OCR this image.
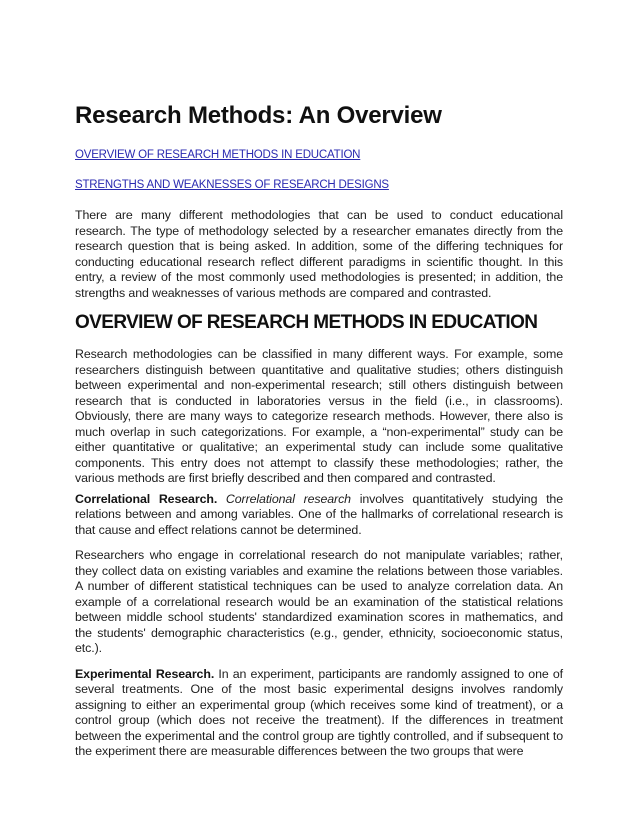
Research Methods: An Overview

OVERVIEW OF RESEARCH METHODS IN EDUCATION

STRENGTHS AND WEAKNESSES OF RESEARCH DESIGNS

There are many different methodologies that can be used to conduct educational research. The type of methodology selected by a researcher emanates directly from the research question that is being asked. In addition, some of the differing techniques for conducting educational research reflect different paradigms in scientific thought. In this entry, a review of the most commonly used methodologies is presented; in addition, the strengths and weaknesses of various methods are compared and contrasted.

OVERVIEW OF RESEARCH METHODS IN EDUCATION

Research methodologies can be classified in many different ways. For example, some researchers distinguish between quantitative and qualitative studies; others distinguish between experimental and non-experimental research; still others distinguish between research that is conducted in laboratories versus in the field (i.e., in classrooms). Obviously, there are many ways to categorize research methods. However, there also is much overlap in such categorizations. For example, a “non-experimental” study can be either quantitative or qualitative; an experimental study can include some qualitative components. This entry does not attempt to classify these methodologies; rather, the various methods are first briefly described and then compared and contrasted.

Correlational Research. Correlational research involves quantitatively studying the relations between and among variables. One of the hallmarks of correlational research is that cause and effect relations cannot be determined.

Researchers who engage in correlational research do not manipulate variables; rather, they collect data on existing variables and examine the relations between those variables. A number of different statistical techniques can be used to analyze correlation data. An example of a correlational research would be an examination of the statistical relations between middle school students' standardized examination scores in mathematics, and the students' demographic characteristics (e.g., gender, ethnicity, socioeconomic status, etc.).

Experimental Research. In an experiment, participants are randomly assigned to one of several treatments. One of the most basic experimental designs involves randomly assigning to either an experimental group (which receives some kind of treatment), or a control group (which does not receive the treatment). If the differences in treatment between the experimental and the control group are tightly controlled, and if subsequent to the experiment there are measurable differences between the two groups that were
